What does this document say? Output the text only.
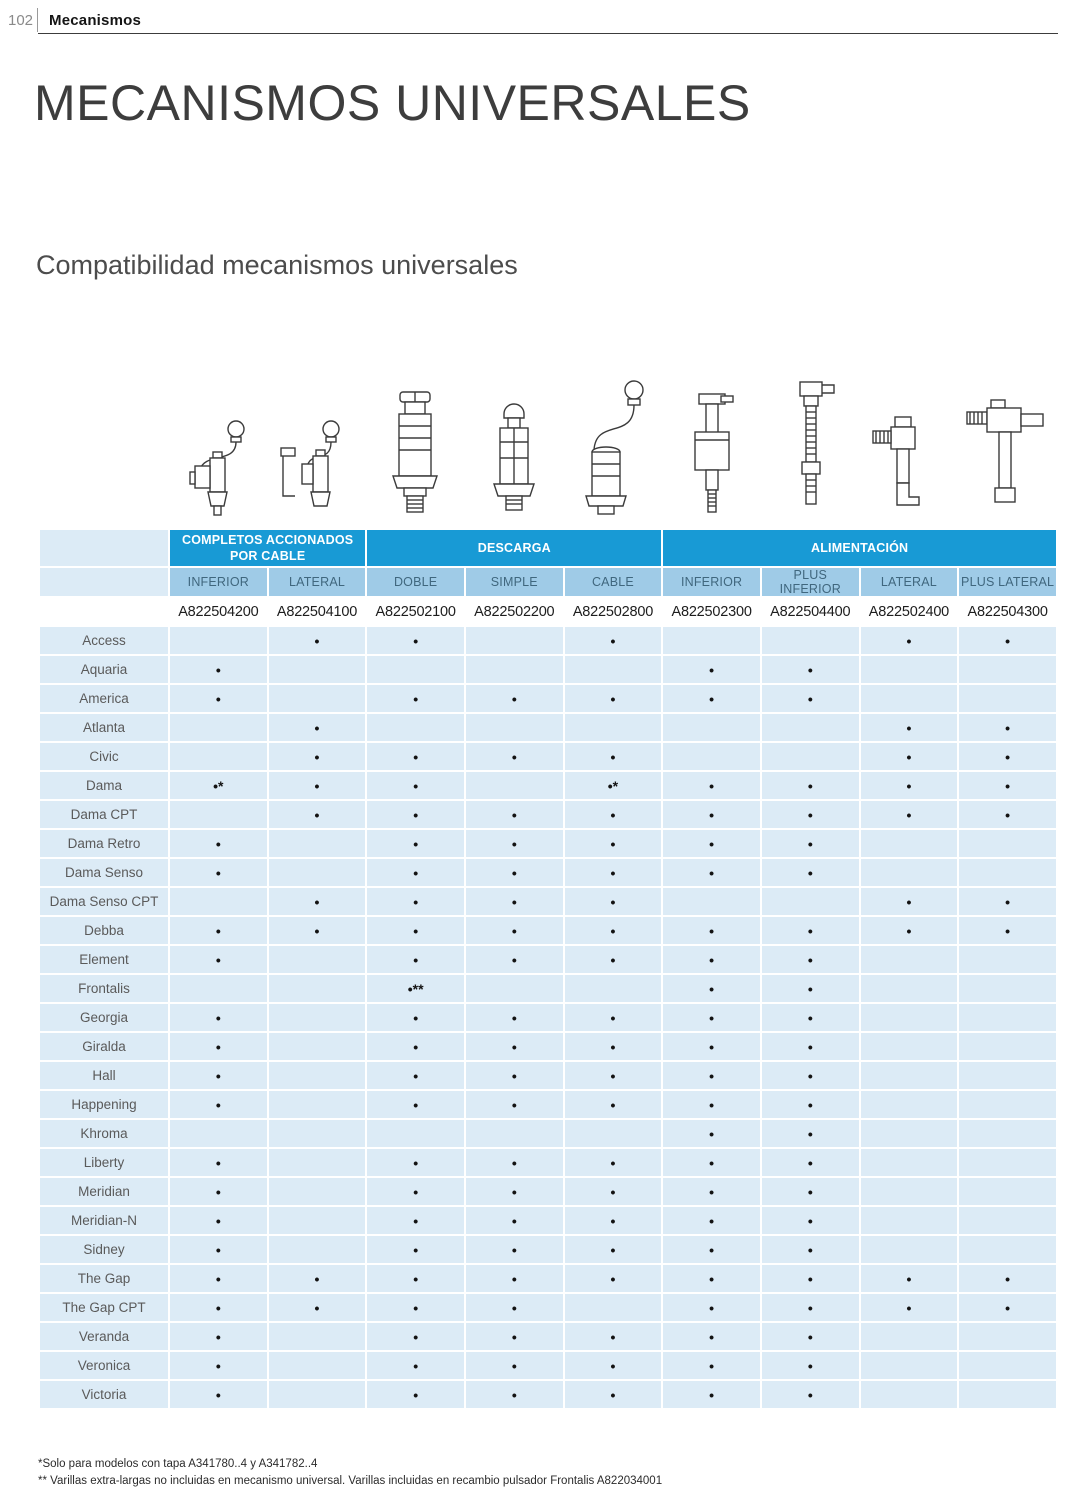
102 Mecanismos
MECANISMOS UNIVERSALES
Compatibilidad mecanismos universales
	COMPLETOS ACCIONADOS POR CABLE		DESCARGA			ALIMENTACIÓN			
	INFERIOR	LATERAL	DOBLE	SIMPLE	CABLE	INFERIOR	PLUS INFERIOR	LATERAL	PLUS LATERAL
	A822504200	A822504100	A822502100	A822502200	A822502800	A822502300	A822504400	A822502400	A822504300
Access		•	•		•			•	•
Aquaria	•					•	•		
America	•		•	•	•	•	•		
Atlanta		•						•	•
Civic		•	•	•	•			•	•
Dama	•*	•	•		•*	•	•	•	•
Dama CPT		•	•	•	•	•	•	•	•
Dama Retro	•		•	•	•	•	•		
Dama Senso	•		•	•	•	•	•		
Dama Senso CPT		•	•	•	•			•	•
Debba	•	•	•	•	•	•	•	•	•
Element	•		•	•	•	•	•		
Frontalis			•**			•	•		
Georgia	•		•	•	•	•	•		
Giralda	•		•	•	•	•	•		
Hall	•		•	•	•	•	•		
Happening	•		•	•	•	•	•		
Khroma						•	•		
Liberty	•		•	•	•	•	•		
Meridian	•		•	•	•	•	•		
Meridian-N	•		•	•	•	•	•		
Sidney	•		•	•	•	•	•		
The Gap	•	•	•	•	•	•	•	•	•
The Gap CPT	•	•	•	•		•	•	•	•
Veranda	•		•	•	•	•	•		
Veronica	•		•	•	•	•	•		
Victoria	•		•	•	•	•	•		

*Solo para modelos con tapa A341780..4 y A341782..4

** Varillas extra-largas no incluidas en mecanismo universal. Varillas incluidas en recambio pulsador Frontalis A822034001
